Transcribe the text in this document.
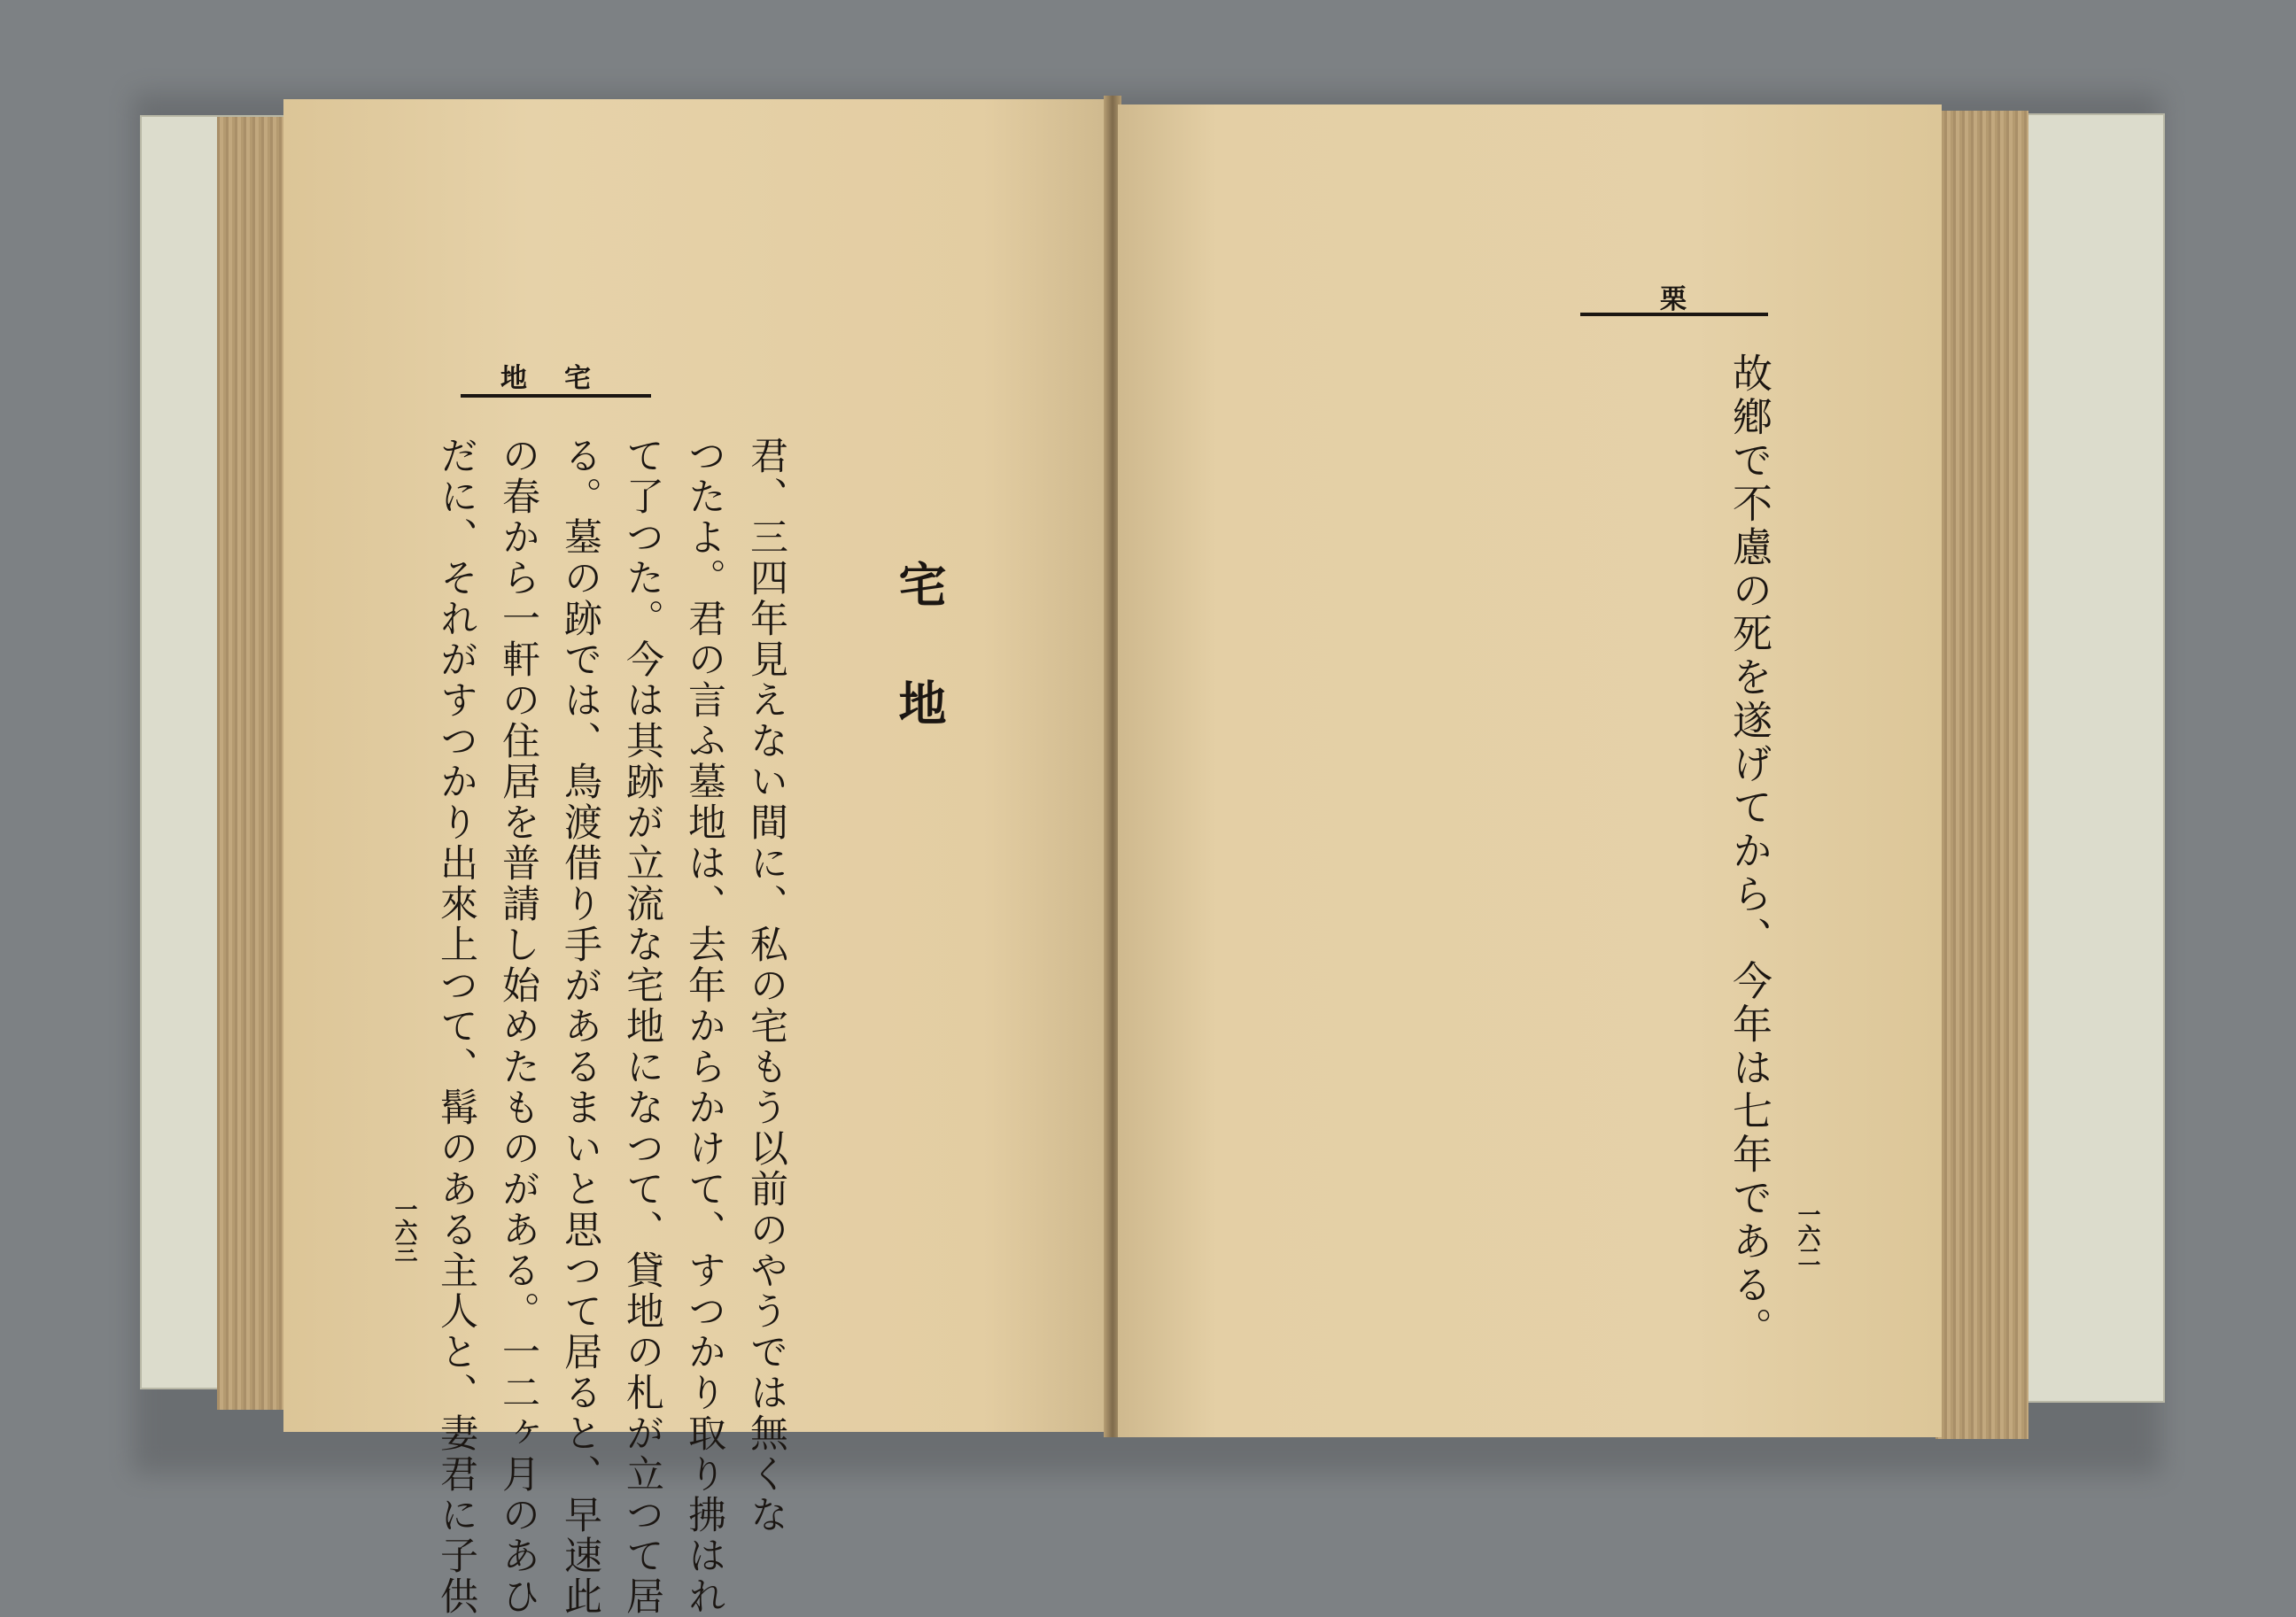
地　宅
宅地
君、三四年見えない間に、私の宅もう以前のやうでは無くな
つたよ。君の言ふ墓地は、去年からかけて、すつかり取り拂はれ
て了つた。今は其跡が立流な宅地になつて、貸地の札が立つて居
る。墓の跡では、鳥渡借り手があるまいと思つて居ると、早速此
の春から一軒の住居を普請し始めたものがある。一二ヶ月のあひ
だに、それがすつかり出來上つて、髯のある主人と、妻君に子供
一六三

栗
故鄕で不慮の死を遂げてから、今年は七年である。 一六二
